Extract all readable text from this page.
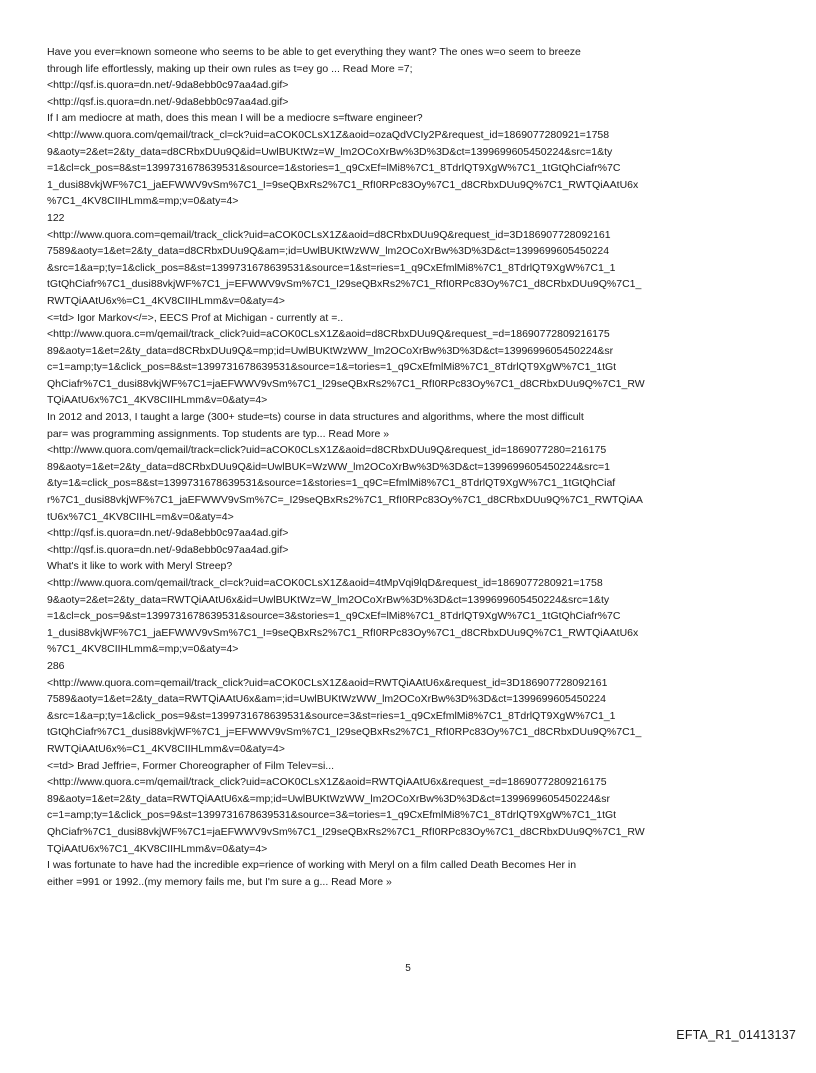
Have you ever=known someone who seems to be able to get everything they want? The ones w=o seem to breeze
through life effortlessly, making up their own rules as t=ey go ... Read More =7;
<http://qsf.is.quora=dn.net/-9da8ebb0c97aa4ad.gif>
<http://qsf.is.quora=dn.net/-9da8ebb0c97aa4ad.gif>
If I am mediocre at math, does this mean I will be a mediocre s=ftware engineer?
<http://www.quora.com/qemail/track_cl=ck?uid=aCOK0CLsX1Z&aoid=ozaQdVCIy2P&request_id=1869077280921=1758
9&aoty=2&et=2&ty_data=d8CRbxDUu9Q&id=UwlBUKtWz=W_lm2OCoXrBw%3D%3D&ct=1399699605450224&src=1&ty
=1&cl=ck_pos=8&st=1399731678639531&source=1&stories=1_q9CxEf=lMi8%7C1_8TdrlQT9XgW%7C1_1tGtQhCiafr%7C
1_dusi88vkjWF%7C1_jaEFWWV9vSm%7C1_I=9seQBxRs2%7C1_RfI0RPc83Oy%7C1_d8CRbxDUu9Q%7C1_RWTQiAAtU6x
%7C1_4KV8CIIHLmm&=mp;v=0&aty=4>
122
<http://www.quora.com=qemail/track_click?uid=aCOK0CLsX1Z&aoid=d8CRbxDUu9Q&request_id=3D186907728092161
7589&aoty=1&et=2&ty_data=d8CRbxDUu9Q&am=;id=UwlBUKtWzWW_lm2OCoXrBw%3D%3D&ct=1399699605450224
&src=1&a=p;ty=1&click_pos=8&st=1399731678639531&source=1&st=ries=1_q9CxEfmlMi8%7C1_8TdrlQT9XgW%7C1_1
tGtQhCiafr%7C1_dusi88vkjWF%7C1_j=EFWWV9vSm%7C1_I29seQBxRs2%7C1_RfI0RPc83Oy%7C1_d8CRbxDUu9Q%7C1_
RWTQiAAtU6x%=C1_4KV8CIIHLmm&v=0&aty=4>
<=td> Igor Markov</=>, EECS Prof at Michigan - currently at =..
<http://www.quora.c=m/qemail/track_click?uid=aCOK0CLsX1Z&aoid=d8CRbxDUu9Q&request_=d=18690772809216175
89&aoty=1&et=2&ty_data=d8CRbxDUu9Q&=mp;id=UwlBUKtWzWW_lm2OCoXrBw%3D%3D&ct=1399699605450224&sr
c=1=amp;ty=1&click_pos=8&st=1399731678639531&source=1&=tories=1_q9CxEfmlMi8%7C1_8TdrlQT9XgW%7C1_1tGt
QhCiafr%7C1_dusi88vkjWF%7C1=jaEFWWV9vSm%7C1_I29seQBxRs2%7C1_RfI0RPc83Oy%7C1_d8CRbxDUu9Q%7C1_RW
TQiAAtU6x%7C1_4KV8CIIHLmm&v=0&aty=4>
In 2012 and 2013, I taught a large (300+ stude=ts) course in data structures and algorithms, where the most difficult
par= was programming assignments. Top students are typ... Read More »
<http://www.quora.com/qemail/track=click?uid=aCOK0CLsX1Z&aoid=d8CRbxDUu9Q&request_id=1869077280=216175
89&aoty=1&et=2&ty_data=d8CRbxDUu9Q&id=UwlBUK=WzWW_lm2OCoXrBw%3D%3D&ct=1399699605450224&src=1
&ty=1&=click_pos=8&st=1399731678639531&source=1&stories=1_q9C=EfmlMi8%7C1_8TdrlQT9XgW%7C1_1tGtQhCiaf
r%7C1_dusi88vkjWF%7C1_jaEFWWV9vSm%7C=_I29seQBxRs2%7C1_RfI0RPc83Oy%7C1_d8CRbxDUu9Q%7C1_RWTQiAA
tU6x%7C1_4KV8CIIHL=m&v=0&aty=4>
<http://qsf.is.quora=dn.net/-9da8ebb0c97aa4ad.gif>
<http://qsf.is.quora=dn.net/-9da8ebb0c97aa4ad.gif>
What's it like to work with Meryl Streep?
<http://www.quora.com/qemail/track_cl=ck?uid=aCOK0CLsX1Z&aoid=4tMpVqi9lqD&request_id=1869077280921=1758
9&aoty=2&et=2&ty_data=RWTQiAAtU6x&id=UwlBUKtWz=W_lm2OCoXrBw%3D%3D&ct=1399699605450224&src=1&ty
=1&cl=ck_pos=9&st=1399731678639531&source=3&stories=1_q9CxEf=lMi8%7C1_8TdrlQT9XgW%7C1_1tGtQhCiafr%7C
1_dusi88vkjWF%7C1_jaEFWWV9vSm%7C1_I=9seQBxRs2%7C1_RfI0RPc83Oy%7C1_d8CRbxDUu9Q%7C1_RWTQiAAtU6x
%7C1_4KV8CIIHLmm&=mp;v=0&aty=4>
286
<http://www.quora.com=qemail/track_click?uid=aCOK0CLsX1Z&aoid=RWTQiAAtU6x&request_id=3D186907728092161
7589&aoty=1&et=2&ty_data=RWTQiAAtU6x&am=;id=UwlBUKtWzWW_lm2OCoXrBw%3D%3D&ct=1399699605450224
&src=1&a=p;ty=1&click_pos=9&st=1399731678639531&source=3&st=ries=1_q9CxEfmlMi8%7C1_8TdrlQT9XgW%7C1_1
tGtQhCiafr%7C1_dusi88vkjWF%7C1_j=EFWWV9vSm%7C1_I29seQBxRs2%7C1_RfI0RPc83Oy%7C1_d8CRbxDUu9Q%7C1_
RWTQiAAtU6x%=C1_4KV8CIIHLmm&v=0&aty=4>
<=td> Brad Jeffrie=, Former Choreographer of Film Telev=si...
<http://www.quora.c=m/qemail/track_click?uid=aCOK0CLsX1Z&aoid=RWTQiAAtU6x&request_=d=18690772809216175
89&aoty=1&et=2&ty_data=RWTQiAAtU6x&=mp;id=UwlBUKtWzWW_lm2OCoXrBw%3D%3D&ct=1399699605450224&sr
c=1=amp;ty=1&click_pos=9&st=1399731678639531&source=3&=tories=1_q9CxEfmlMi8%7C1_8TdrlQT9XgW%7C1_1tGt
QhCiafr%7C1_dusi88vkjWF%7C1=jaEFWWV9vSm%7C1_I29seQBxRs2%7C1_RfI0RPc83Oy%7C1_d8CRbxDUu9Q%7C1_RW
TQiAAtU6x%7C1_4KV8CIIHLmm&v=0&aty=4>
I was fortunate to have had the incredible exp=rience of working with Meryl on a film called Death Becomes Her in
either =991 or 1992..(my memory fails me, but I'm sure a g... Read More »
5
EFTA_R1_01413137
